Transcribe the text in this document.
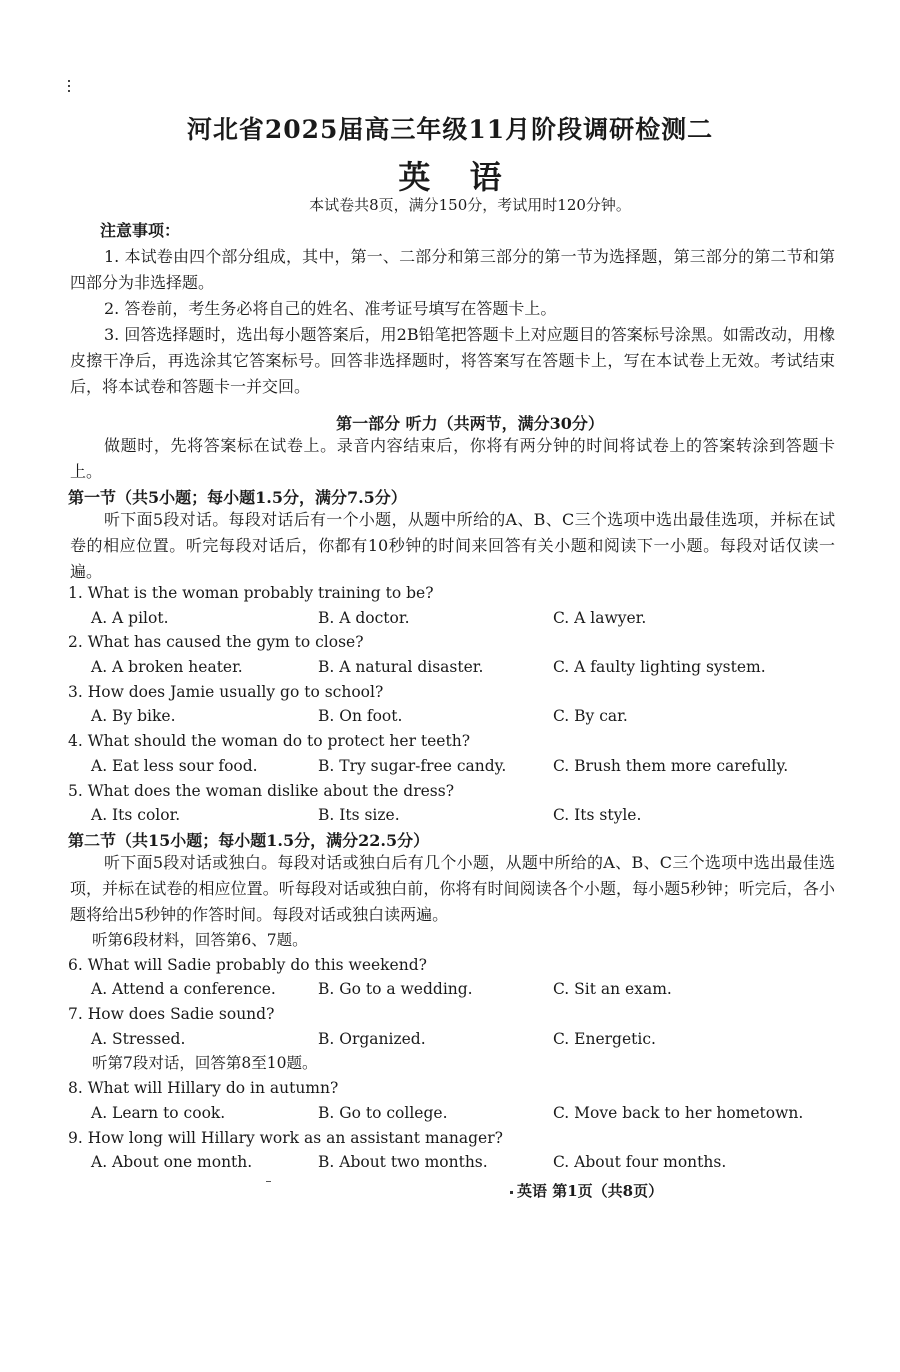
河北省2025届高三年级11月阶段调研检测二
英 语
本试卷共8页，满分150分，考试用时120分钟。
注意事项：

1. 本试卷由四个部分组成，其中，第一、二部分和第三部分的第一节为选择题，第三部分的第二节和第四部分为非选择题。

2. 答卷前，考生务必将自己的姓名、准考证号填写在答题卡上。

3. 回答选择题时，选出每小题答案后，用2B铅笔把答题卡上对应题目的答案标号涂黑。如需改动，用橡皮擦干净后，再选涂其它答案标号。回答非选择题时，将答案写在答题卡上，写在本试卷上无效。考试结束后，将本试卷和答题卡一并交回。

第一部分 听力（共两节，满分30分）

做题时，先将答案标在试卷上。录音内容结束后，你将有两分钟的时间将试卷上的答案转涂到答题卡上。

第一节（共5小题；每小题1.5分，满分7.5分）

听下面5段对话。每段对话后有一个小题，从题中所给的A、B、C三个选项中选出最佳选项，并标在试卷的相应位置。听完每段对话后，你都有10秒钟的时间来回答有关小题和阅读下一小题。每段对话仅读一遍。

1. What is the woman probably training to be?
A. A pilot.	B. A doctor.	C. A lawyer.
2. What has caused the gym to close?
A. A broken heater.	B. A natural disaster.	C. A faulty lighting system.
3. How does Jamie usually go to school?
A. By bike.	B. On foot.	C. By car.
4. What should the woman do to protect her teeth?
A. Eat less sour food.	B. Try sugar-free candy.	C. Brush them more carefully.
5. What does the woman dislike about the dress?
A. Its color.	B. Its size.	C. Its style.
第二节（共15小题；每小题1.5分，满分22.5分）

听下面5段对话或独白。每段对话或独白后有几个小题，从题中所给的A、B、C三个选项中选出最佳选项，并标在试卷的相应位置。听每段对话或独白前，你将有时间阅读各个小题，每小题5秒钟；听完后，各小题将给出5秒钟的作答时间。每段对话或独白读两遍。

听第6段材料，回答第6、7题。
6. What will Sadie probably do this weekend?
A. Attend a conference.	B. Go to a wedding.	C. Sit an exam.
7. How does Sadie sound?
A. Stressed.	B. Organized.	C. Energetic.
听第7段对话，回答第8至10题。
8. What will Hillary do in autumn?
A. Learn to cook.	B. Go to college.	C. Move back to her hometown.
9. How long will Hillary work as an assistant manager?
A. About one month.	B. About two months.	C. About four months.
英语 第1页（共8页）
